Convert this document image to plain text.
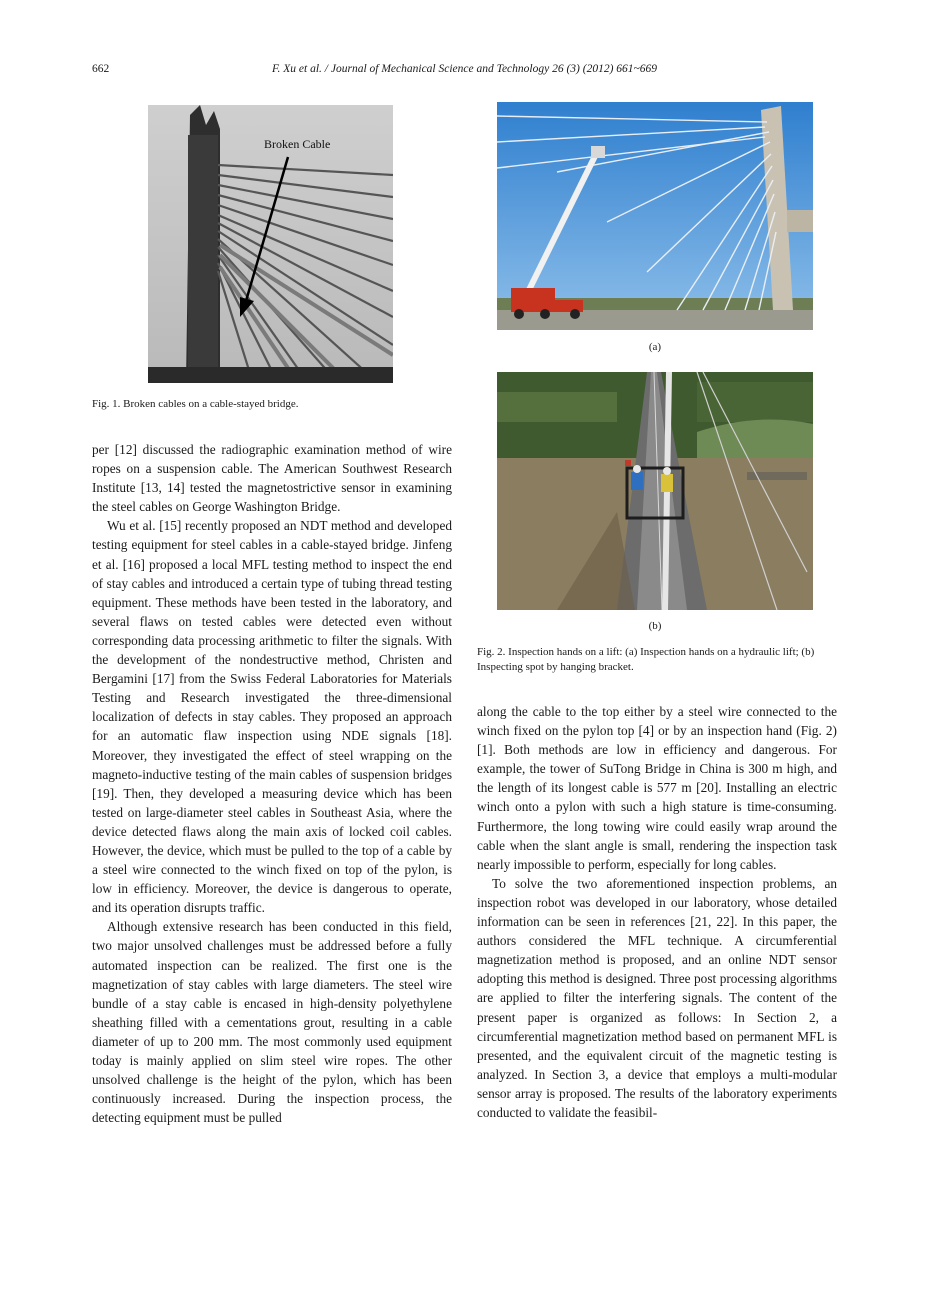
662	F. Xu et al. / Journal of Mechanical Science and Technology 26 (3) (2012) 661~669
Broken Cable
Fig. 1. Broken cables on a cable-stayed bridge.
(a)
(b)
Fig. 2. Inspection hands on a lift: (a) Inspection hands on a hydraulic lift; (b) Inspecting spot by hanging bracket.

per [12] discussed the radiographic examination method of wire ropes on a suspension cable. The American Southwest Research Institute [13, 14] tested the magnetostrictive sensor in examining the steel cables on George Washington Bridge.

Wu et al. [15] recently proposed an NDT method and developed testing equipment for steel cables in a cable-stayed bridge. Jinfeng et al. [16] proposed a local MFL testing method to inspect the end of stay cables and introduced a certain type of tubing thread testing equipment. These methods have been tested in the laboratory, and several flaws on tested cables were detected even without corresponding data processing arithmetic to filter the signals. With the development of the nondestructive method, Christen and Bergamini [17] from the Swiss Federal Laboratories for Materials Testing and Research investigated the three-dimensional localization of defects in stay cables. They proposed an approach for an automatic flaw inspection using NDE signals [18]. Moreover, they investigated the effect of steel wrapping on the magneto-inductive testing of the main cables of suspension bridges [19]. Then, they developed a measuring device which has been tested on large-diameter steel cables in Southeast Asia, where the device detected flaws along the main axis of locked coil cables. However, the device, which must be pulled to the top of a cable by a steel wire connected to the winch fixed on top of the pylon, is low in efficiency. Moreover, the device is dangerous to operate, and its operation disrupts traffic.

Although extensive research has been conducted in this field, two major unsolved challenges must be addressed before a fully automated inspection can be realized. The first one is the magnetization of stay cables with large diameters. The steel wire bundle of a stay cable is encased in high-density polyethylene sheathing filled with a cementations grout, resulting in a cable diameter of up to 200 mm. The most commonly used equipment today is mainly applied on slim steel wire ropes. The other unsolved challenge is the height of the pylon, which has been continuously increased. During the inspection process, the detecting equipment must be pulled

along the cable to the top either by a steel wire connected to the winch fixed on the pylon top [4] or by an inspection hand (Fig. 2) [1]. Both methods are low in efficiency and dangerous. For example, the tower of SuTong Bridge in China is 300 m high, and the length of its longest cable is 577 m [20]. Installing an electric winch onto a pylon with such a high stature is time-consuming. Furthermore, the long towing wire could easily wrap around the cable when the slant angle is small, rendering the inspection task nearly impossible to perform, especially for long cables.

To solve the two aforementioned inspection problems, an inspection robot was developed in our laboratory, whose detailed information can be seen in references [21, 22]. In this paper, the authors considered the MFL technique. A circumferential magnetization method is proposed, and an online NDT sensor adopting this method is designed. Three post processing algorithms are applied to filter the interfering signals. The content of the present paper is organized as follows: In Section 2, a circumferential magnetization method based on permanent MFL is presented, and the equivalent circuit of the magnetic testing is analyzed. In Section 3, a device that employs a multi-modular sensor array is proposed. The results of the laboratory experiments conducted to validate the feasibil-
